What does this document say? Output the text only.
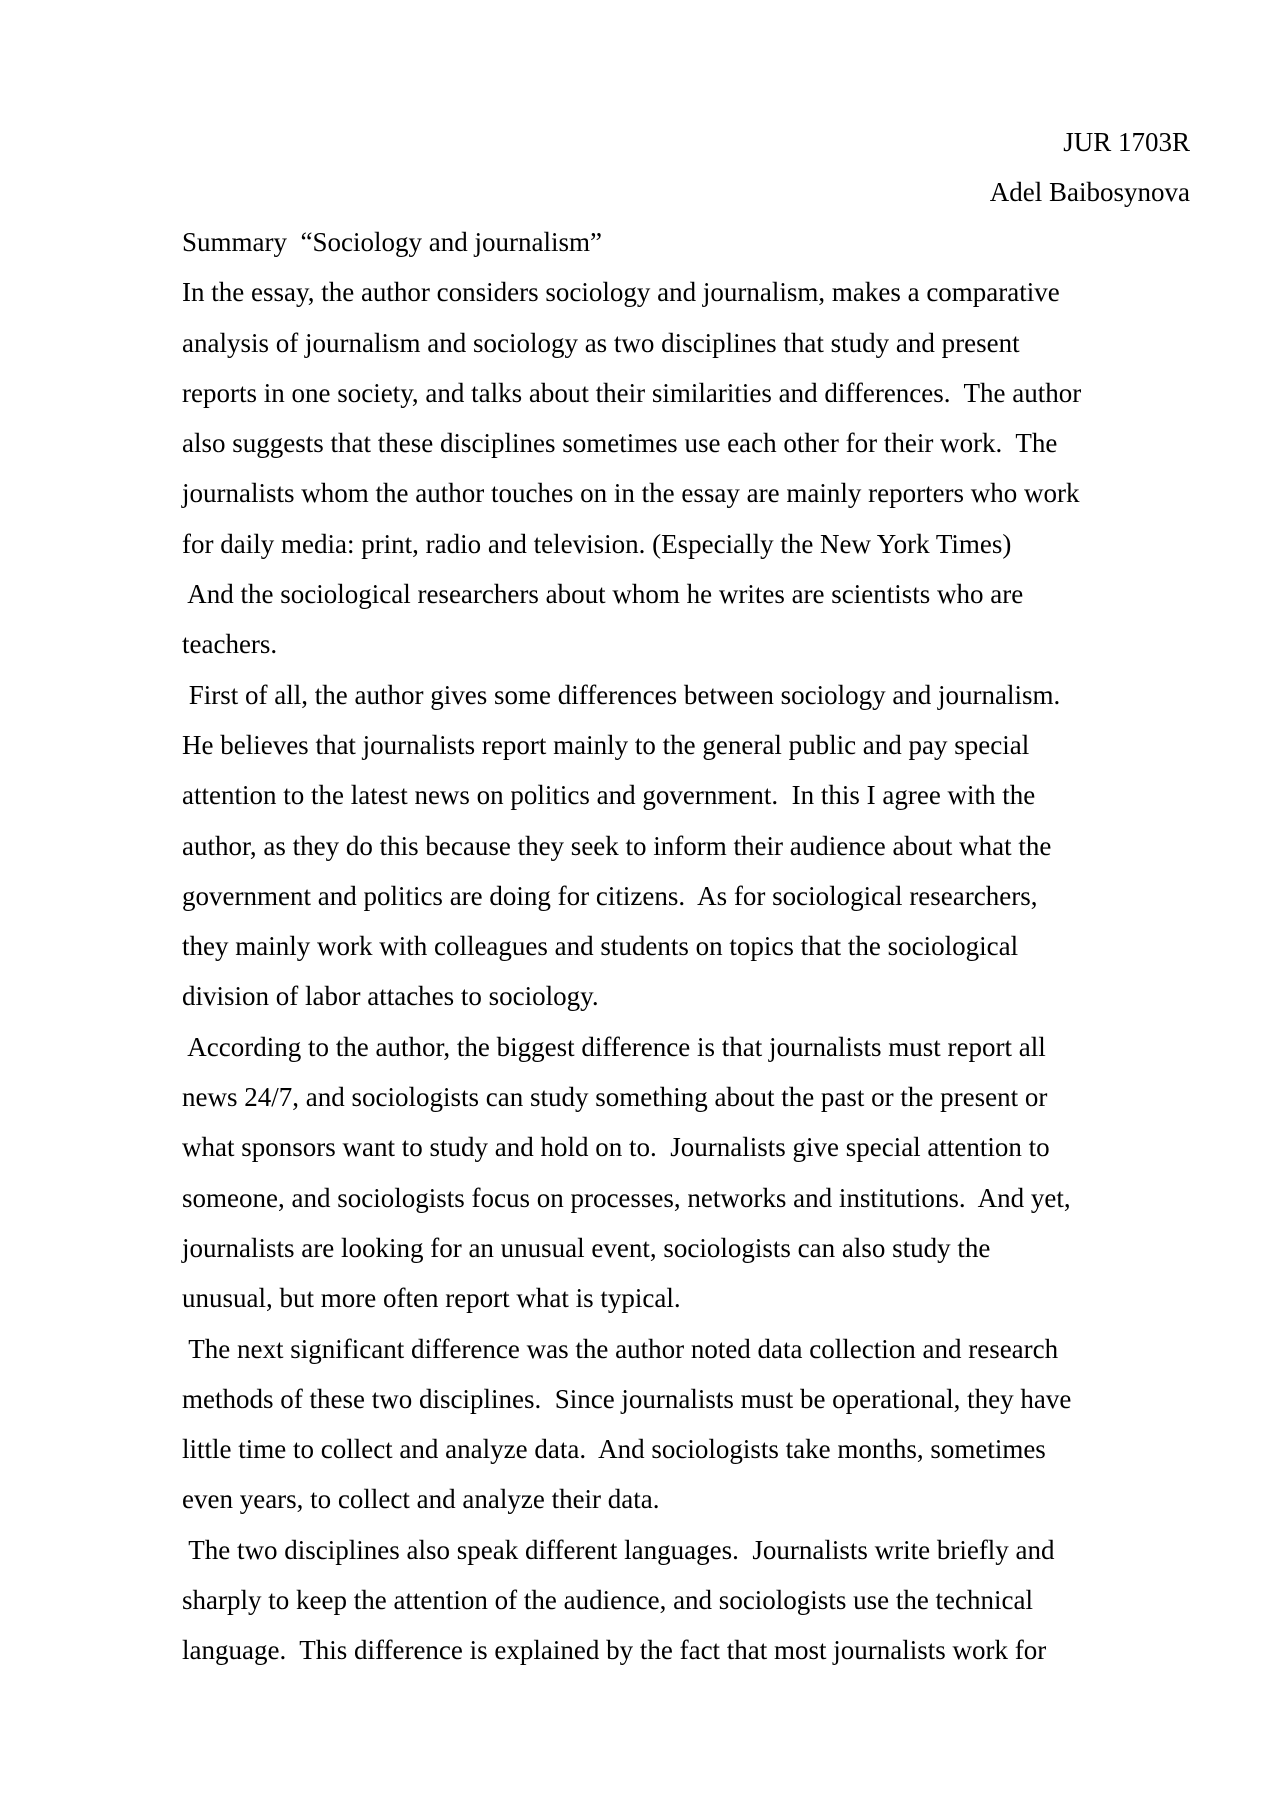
JUR 1703R

Adel Baibosynova

Summary  “Sociology and journalism”

In the essay, the author considers sociology and journalism, makes a comparative

analysis of journalism and sociology as two disciplines that study and present

reports in one society, and talks about their similarities and differences.  The author

also suggests that these disciplines sometimes use each other for their work.  The

journalists whom the author touches on in the essay are mainly reporters who work

for daily media: print, radio and television. (Especially the New York Times)

And the sociological researchers about whom he writes are scientists who are

teachers.

First of all, the author gives some differences between sociology and journalism.

He believes that journalists report mainly to the general public and pay special

attention to the latest news on politics and government.  In this I agree with the

author, as they do this because they seek to inform their audience about what the

government and politics are doing for citizens.  As for sociological researchers,

they mainly work with colleagues and students on topics that the sociological

division of labor attaches to sociology.

According to the author, the biggest difference is that journalists must report all

news 24/7, and sociologists can study something about the past or the present or

what sponsors want to study and hold on to.  Journalists give special attention to

someone, and sociologists focus on processes, networks and institutions.  And yet,

journalists are looking for an unusual event, sociologists can also study the

unusual, but more often report what is typical.

The next significant difference was the author noted data collection and research

methods of these two disciplines.  Since journalists must be operational, they have

little time to collect and analyze data.  And sociologists take months, sometimes

even years, to collect and analyze their data.

The two disciplines also speak different languages.  Journalists write briefly and

sharply to keep the attention of the audience, and sociologists use the technical

language.  This difference is explained by the fact that most journalists work for
